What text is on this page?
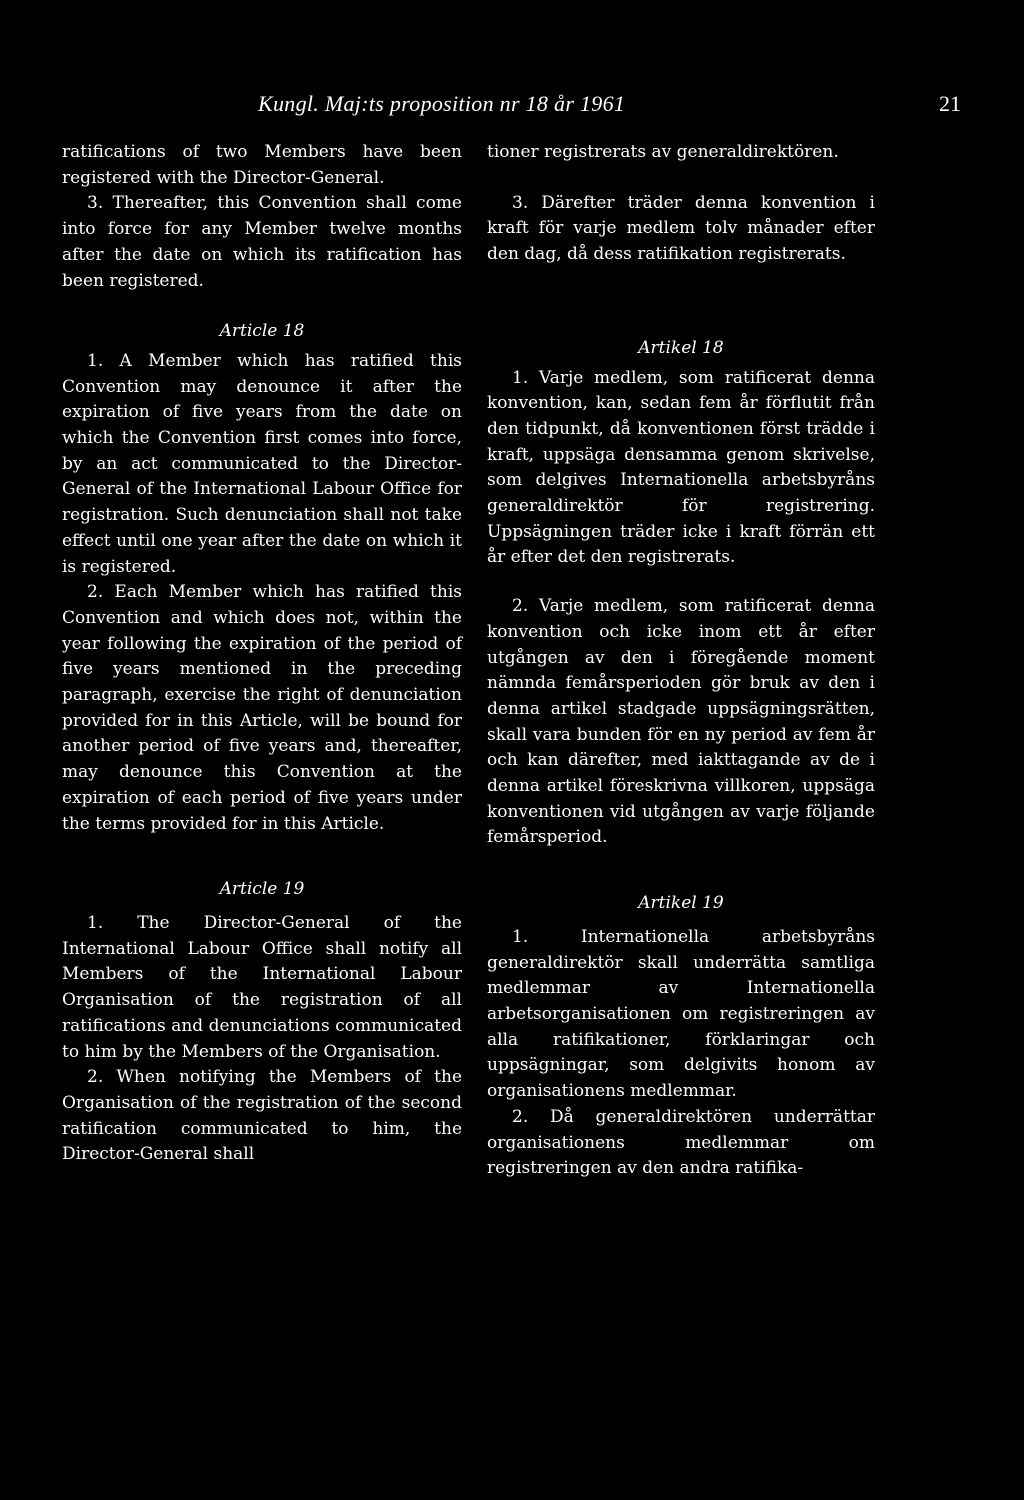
Kungl. Maj:ts proposition nr 18 år 1961	21

ratifications of two Members have been registered with the Director-General.

3. Thereafter, this Convention shall come into force for any Member twelve months after the date on which its ratification has been registered.

Article 18

1. A Member which has ratified this Convention may denounce it after the expiration of five years from the date on which the Convention first comes into force, by an act communicated to the Director-General of the International Labour Office for registration. Such denunciation shall not take effect until one year after the date on which it is registered.

2. Each Member which has ratified this Convention and which does not, within the year following the expiration of the period of five years mentioned in the preceding paragraph, exercise the right of denunciation provided for in this Article, will be bound for another period of five years and, thereafter, may denounce this Convention at the expiration of each period of five years under the terms provided for in this Article.

Article 19

1. The Director-General of the International Labour Office shall notify all Members of the International Labour Organisation of the registration of all ratifications and denunciations communicated to him by the Members of the Organisation.

2. When notifying the Members of the Organisation of the registration of the second ratification communicated to him, the Director-General shall

tioner registrerats av generaldirektören.

3. Därefter träder denna konvention i kraft för varje medlem tolv månader efter den dag, då dess ratifikation registrerats.

Artikel 18

1. Varje medlem, som ratificerat denna konvention, kan, sedan fem år förflutit från den tidpunkt, då konventionen först trädde i kraft, uppsäga densamma genom skrivelse, som delgives Internationella arbetsbyråns generaldirektör för registrering. Uppsägningen träder icke i kraft förrän ett år efter det den registrerats.

2. Varje medlem, som ratificerat denna konvention och icke inom ett år efter utgången av den i föregående moment nämnda femårsperioden gör bruk av den i denna artikel stadgade uppsägningsrätten, skall vara bunden för en ny period av fem år och kan därefter, med iakttagande av de i denna artikel föreskrivna villkoren, uppsäga konventionen vid utgången av varje följande femårsperiod.

Artikel 19

1. Internationella arbetsbyråns generaldirektör skall underrätta samtliga medlemmar av Internationella arbetsorganisationen om registreringen av alla ratifikationer, förklaringar och uppsägningar, som delgivits honom av organisationens medlemmar.

2. Då generaldirektören underrättar organisationens medlemmar om registreringen av den andra ratifika-
